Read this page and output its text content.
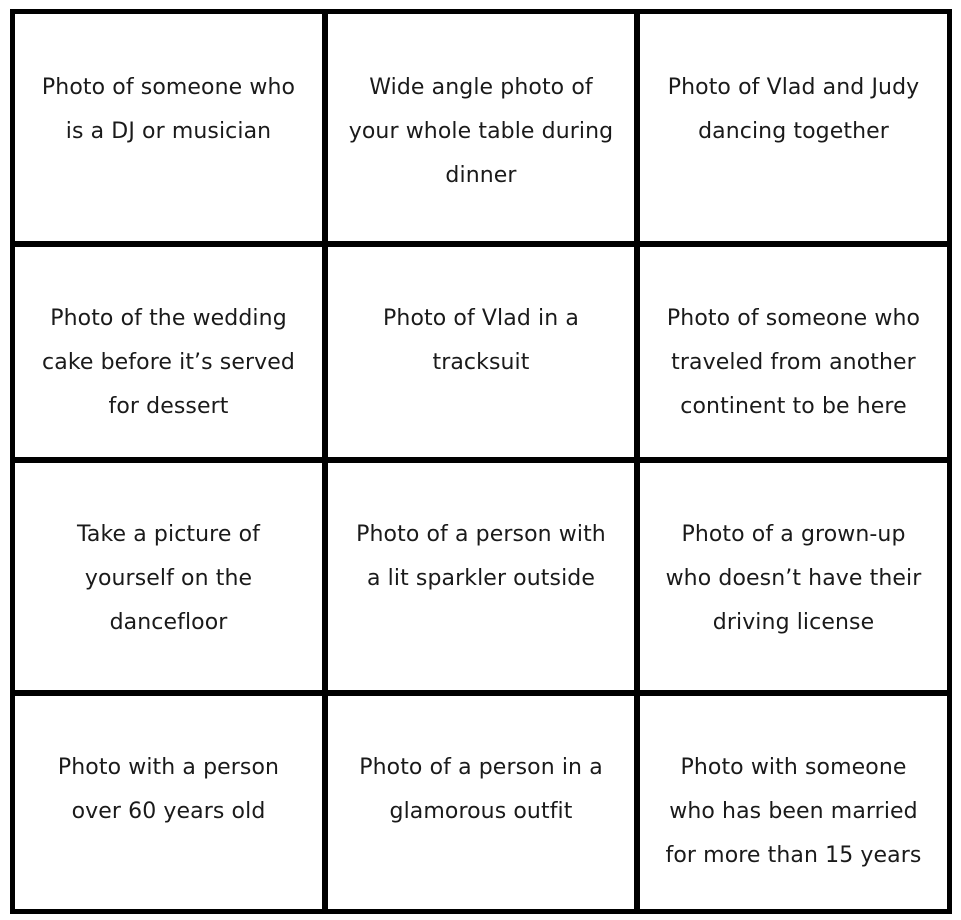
Photo of someone who
is a DJ or musician
Wide angle photo of
your whole table during
dinner
Photo of Vlad and Judy
dancing together
Photo of the wedding
cake before it’s served
for dessert
Photo of Vlad in a
tracksuit
Photo of someone who
traveled from another
continent to be here
Take a picture of
yourself on the
dancefloor
Photo of a person with
a lit sparkler outside
Photo of a grown-up
who doesn’t have their
driving license
Photo with a person
over 60 years old
Photo of a person in a
glamorous outfit
Photo with someone
who has been married
for more than 15 years
